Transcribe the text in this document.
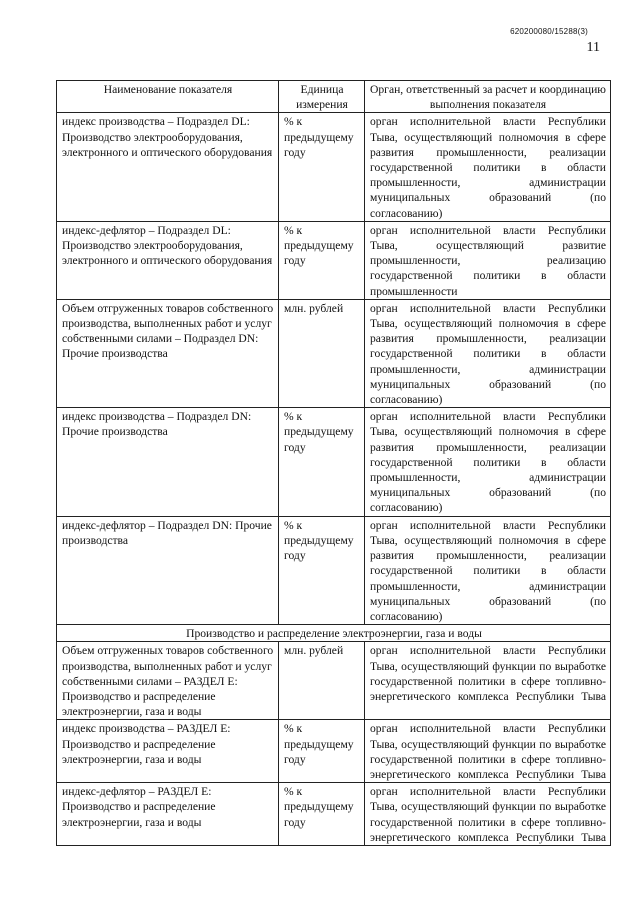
620200080/15288(3)
11
Наименование показателя	Единица измерения	Орган, ответственный за расчет и координацию выполнения показателя
индекс производства – Подраздел DL: Производство электрооборудования, электронного и оптического оборудования	% к предыдущему году	орган исполнительной власти Республики Тыва, осуществляющий полномочия в сфере развития промышленности, реализации государственной политики в области промышленности, администрации муниципальных образований (по согласованию)
индекс-дефлятор – Подраздел DL: Производство электрооборудования, электронного и оптического оборудования	% к предыдущему году	орган исполнительной власти Республики Тыва, осуществляющий развитие промышленности, реализацию государственной политики в области промышленности
Объем отгруженных товаров собственного производства, выполненных работ и услуг собственными силами – Подраздел DN: Прочие производства	млн. рублей	орган исполнительной власти Республики Тыва, осуществляющий полномочия в сфере развития промышленности, реализации государственной политики в области промышленности, администрации муниципальных образований (по согласованию)
индекс производства – Подраздел DN: Прочие производства	% к предыдущему году	орган исполнительной власти Республики Тыва, осуществляющий полномочия в сфере развития промышленности, реализации государственной политики в области промышленности, администрации муниципальных образований (по согласованию)
индекс-дефлятор – Подраздел DN: Прочие производства	% к предыдущему году	орган исполнительной власти Республики Тыва, осуществляющий полномочия в сфере развития промышленности, реализации государственной политики в области промышленности, администрации муниципальных образований (по согласованию)
Производство и распределение электроэнергии, газа и воды		
Объем отгруженных товаров собственного производства, выполненных работ и услуг собственными силами – РАЗДЕЛ Е: Производство и распределение электроэнергии, газа и воды	млн. рублей	орган исполнительной власти Республики Тыва, осуществляющий функции по выработке государственной политики в сфере топливно-энергетического комплекса Республики Тыва
индекс производства – РАЗДЕЛ Е: Производство и распределение электроэнергии, газа и воды	% к предыдущему году	орган исполнительной власти Республики Тыва, осуществляющий функции по выработке государственной политики в сфере топливно-энергетического комплекса Республики Тыва
индекс-дефлятор – РАЗДЕЛ Е: Производство и распределение электроэнергии, газа и воды	% к предыдущему году	орган исполнительной власти Республики Тыва, осуществляющий функции по выработке государственной политики в сфере топливно-энергетического комплекса Республики Тыва
